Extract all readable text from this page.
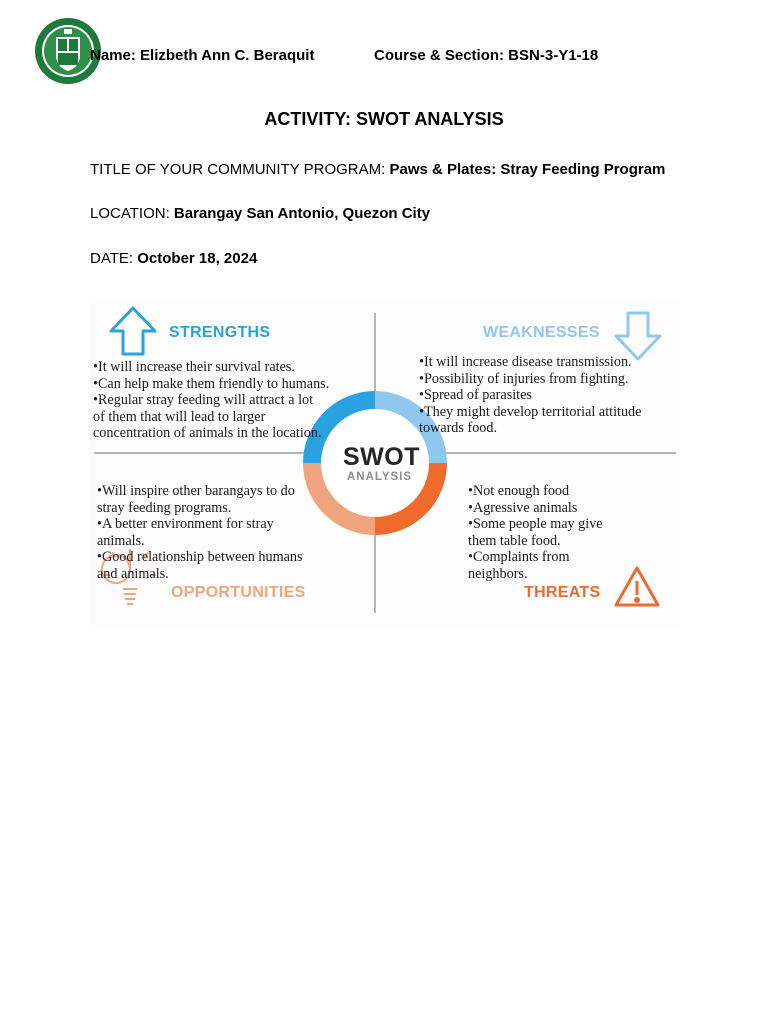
Name: Elizbeth Ann C. Beraquit	Course & Section: BSN-3-Y1-18
ACTIVITY: SWOT ANALYSIS
TITLE OF YOUR COMMUNITY PROGRAM: Paws & Plates: Stray Feeding Program
LOCATION: Barangay San Antonio, Quezon City
DATE: October 18, 2024
STRENGTHS	WEAKNESSES
OPPORTUNITIES	THREATS
SWOT
ANALYSIS
•It will increase their survival rates.
•Can help make them friendly to humans.
•Regular stray feeding will attract a lot
of them that will lead to larger
concentration of animals in the location.
•It will increase disease transmission.
•Possibility of injuries from fighting.
•Spread of parasites
•They might develop territorial attitude
towards food.
•Will inspire other barangays to do
stray feeding programs.
•A better environment for stray
animals.
•Good relationship between humans
and animals.
•Not enough food
•Agressive animals
•Some people may give
them table food.
•Complaints from
neighbors.
